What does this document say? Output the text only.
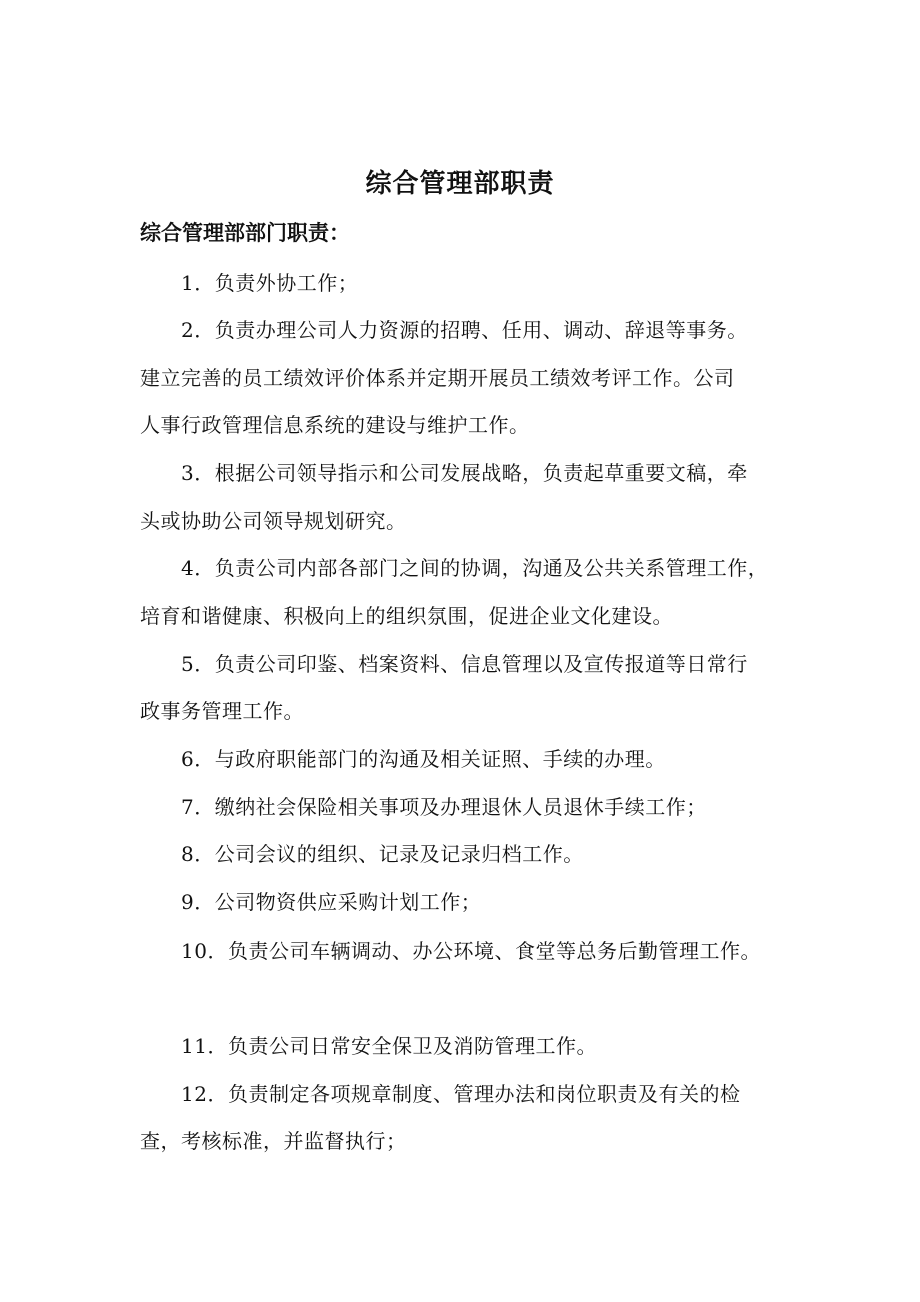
综合管理部职责
综合管理部部门职责：
1．负责外协工作；
2．负责办理公司人力资源的招聘、任用、调动、辞退等事务。
建立完善的员工绩效评价体系并定期开展员工绩效考评工作。公司
人事行政管理信息系统的建设与维护工作。
3．根据公司领导指示和公司发展战略，负责起草重要文稿，牵
头或协助公司领导规划研究。
4．负责公司内部各部门之间的协调，沟通及公共关系管理工作，
培育和谐健康、积极向上的组织氛围，促进企业文化建设。
5．负责公司印鉴、档案资料、信息管理以及宣传报道等日常行
政事务管理工作。
6．与政府职能部门的沟通及相关证照、手续的办理。
7．缴纳社会保险相关事项及办理退休人员退休手续工作；
8．公司会议的组织、记录及记录归档工作。
9．公司物资供应采购计划工作；
10．负责公司车辆调动、办公环境、食堂等总务后勤管理工作。
11．负责公司日常安全保卫及消防管理工作。
12．负责制定各项规章制度、管理办法和岗位职责及有关的检
查，考核标准，并监督执行；
